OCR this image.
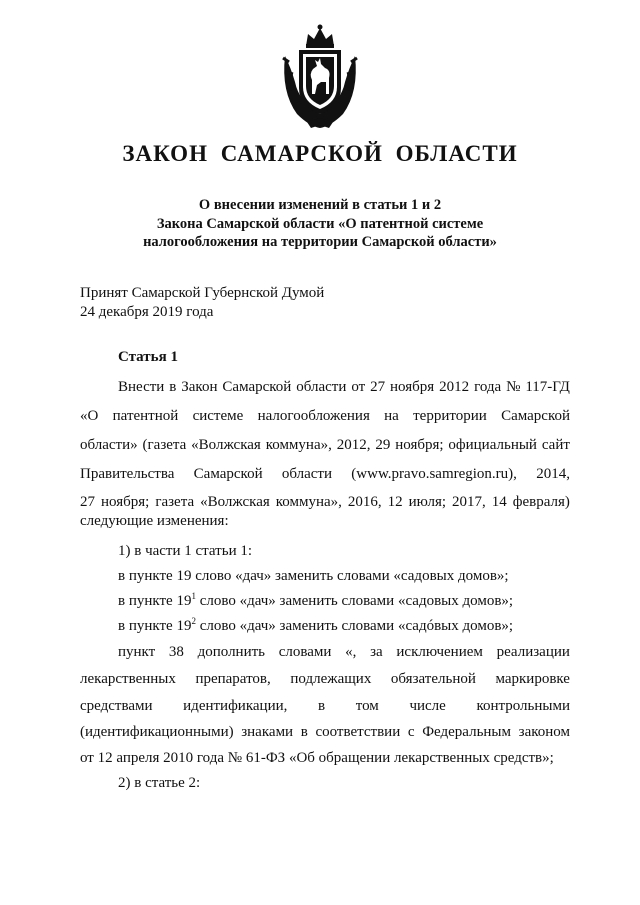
ЗАКОН САМАРСКОЙ ОБЛАСТИ
О внесении изменений в статьи 1 и 2
Закона Самарской области «О патентной системе
налогообложения на территории Самарской области»
Принят Самарской Губернской Думой
24 декабря 2019 года
Статья 1
Внести в Закон Самарской области от 27 ноября 2012 года № 117-ГД
«О патентной системе налогообложения на территории Самарской
области» (газета «Волжская коммуна», 2012, 29 ноября; официальный сайт
Правительства Самарской области (www.pravo.samregion.ru), 2014,
27 ноября; газета «Волжская коммуна», 2016, 12 июля; 2017, 14 февраля)
следующие изменения:
1) в части 1 статьи 1:
в пункте 19 слово «дач» заменить словами «садовых домов»;
в пункте $19^1$ слово «дач» заменить словами «садовых домов»;
в пункте $19^2$ слово «дач» заменить словами «садóвых домов»;
пункт 38 дополнить словами «, за исключением реализации
лекарственных препаратов, подлежащих обязательной маркировке
средствами идентификации, в том числе контрольными
(идентификационными) знаками в соответствии с Федеральным законом
от 12 апреля 2010 года № 61-ФЗ «Об обращении лекарственных средств»;
2) в статье 2:
